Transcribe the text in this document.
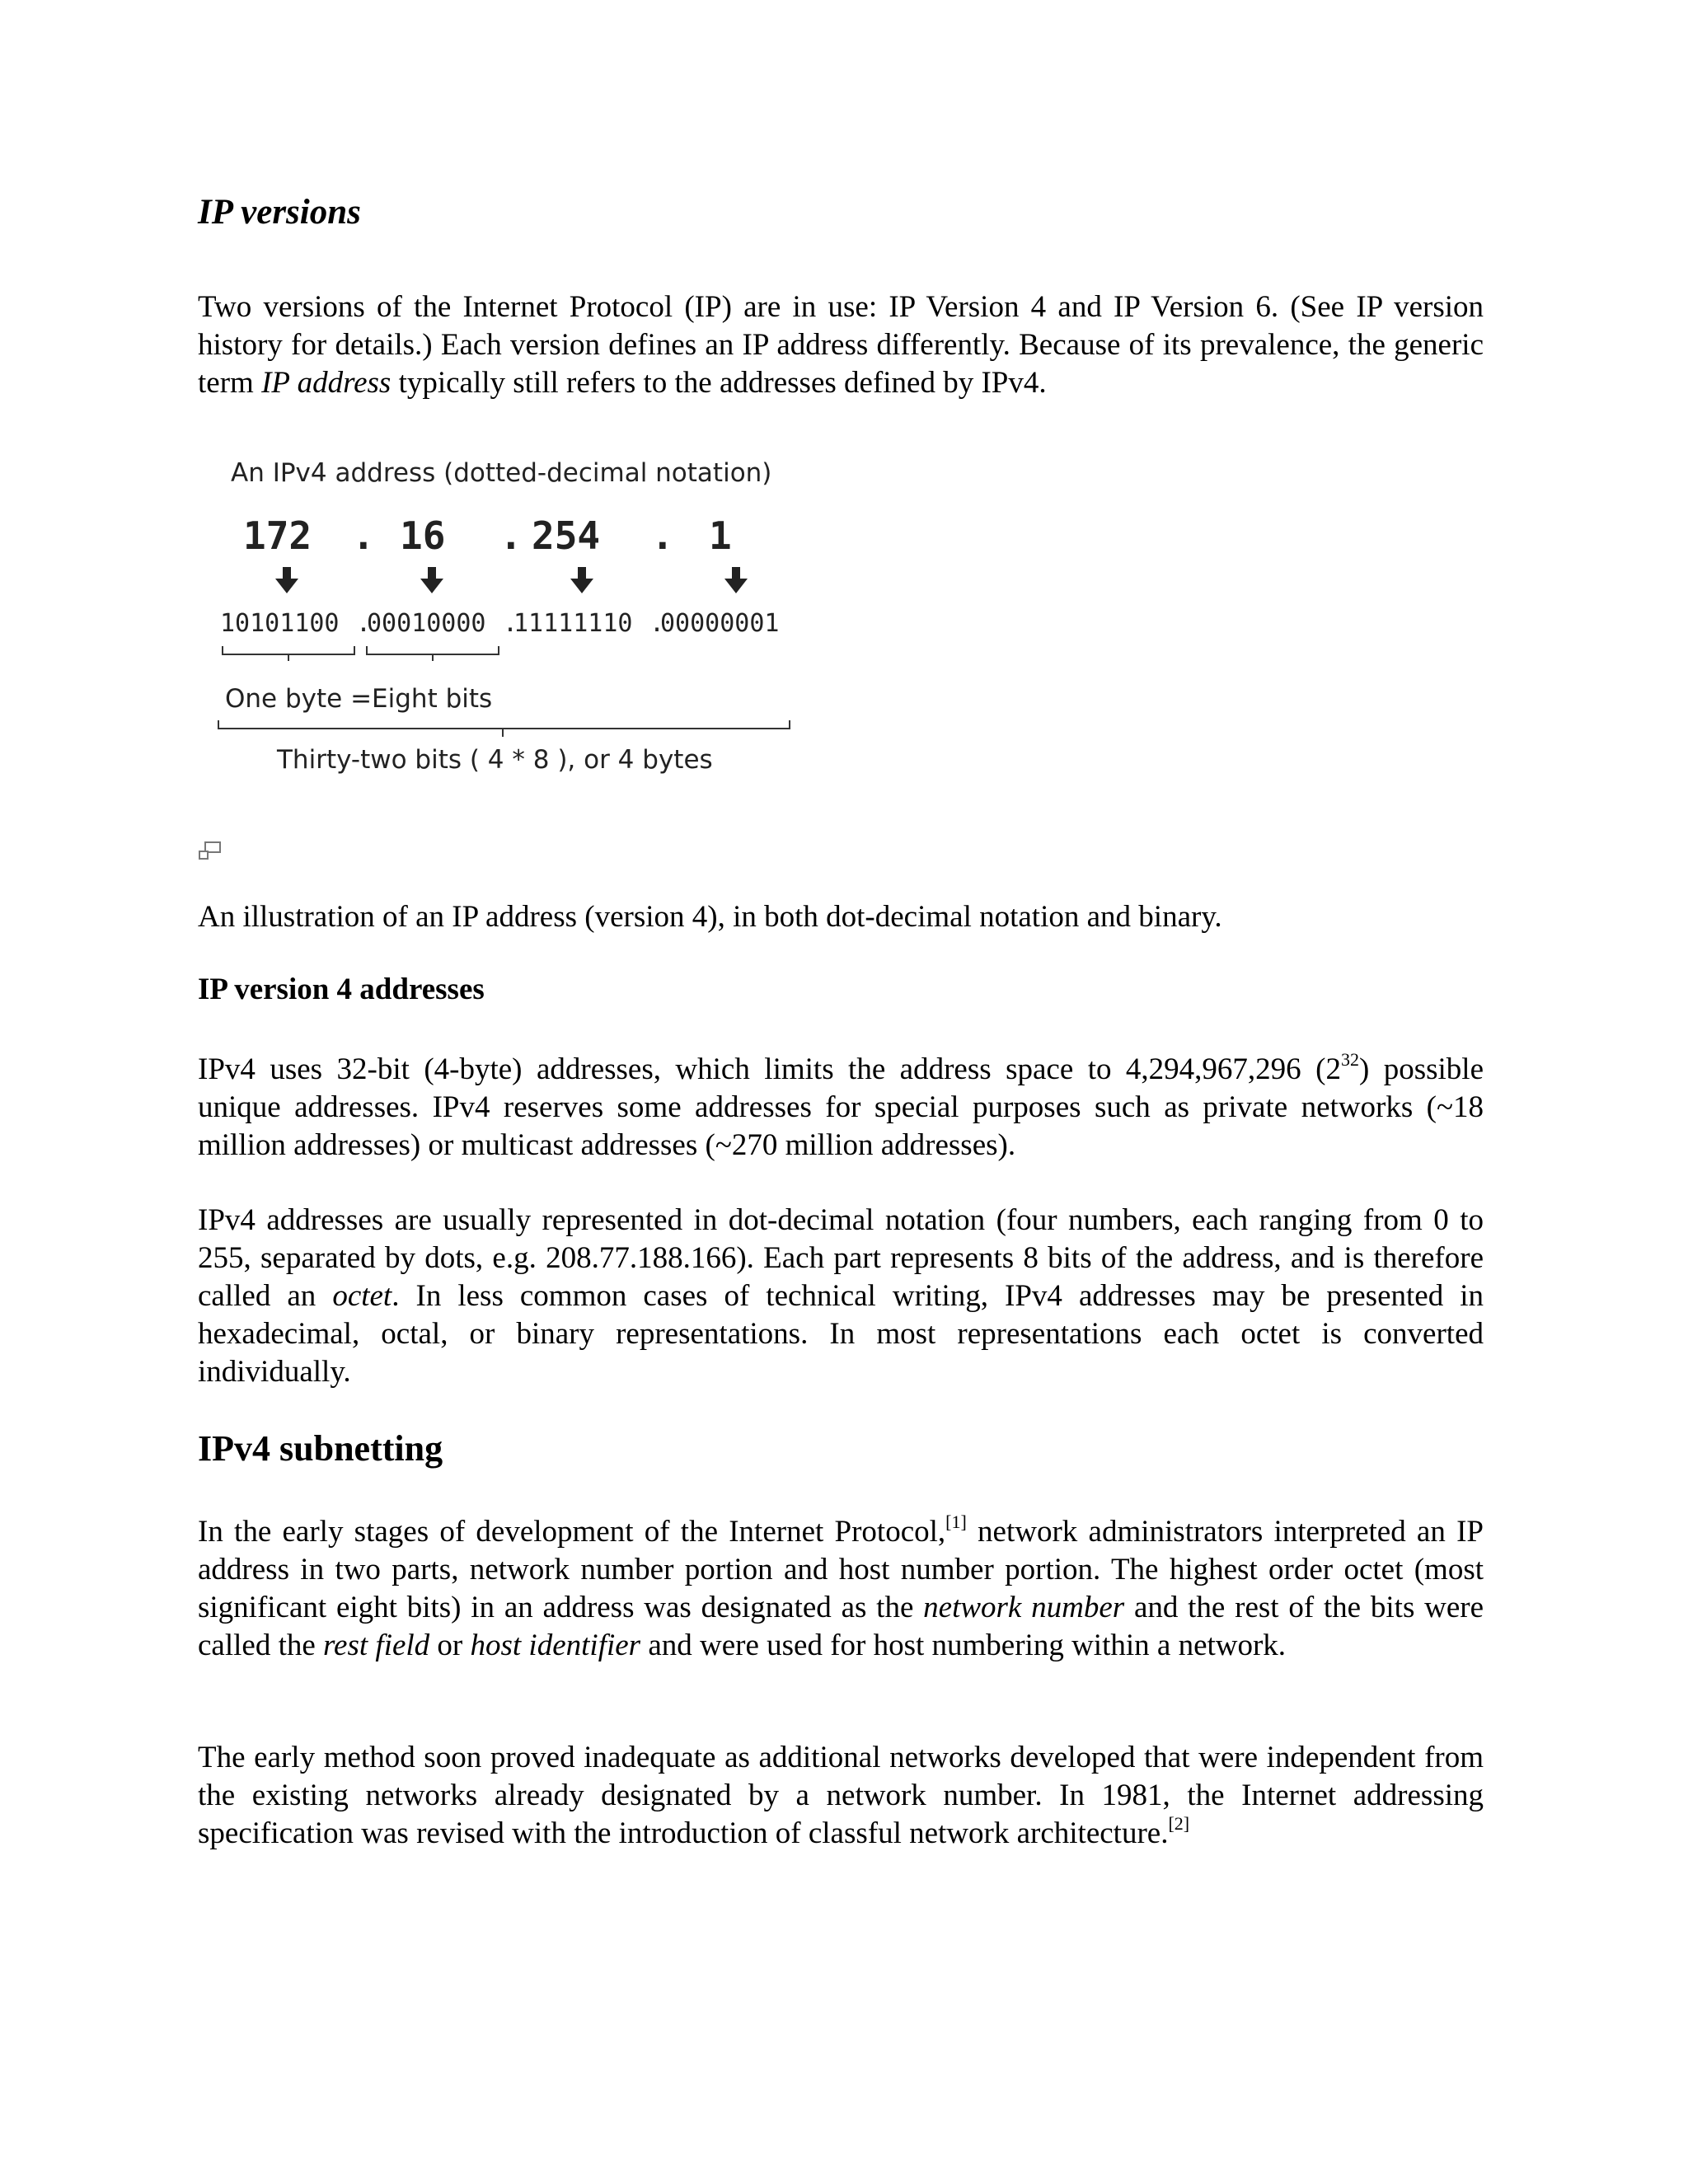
IP versions

Two versions of the Internet Protocol (IP) are in use: IP Version 4 and IP Version 6. (See IP version history for details.) Each version defines an IP address differently. Because of its prevalence, the generic term IP address typically still refers to the addresses defined by IPv4.

An IPv4 address (dotted-decimal notation)
172 . 16 . 254 . 1
10101100 .
00010000 .
11111110 .
00000001
One byte =Eight bits
Thirty-two bits ( 4 * 8 ), or 4 bytes
An illustration of an IP address (version 4), in both dot-decimal notation and binary.
IP version 4 addresses

IPv4 uses 32-bit (4-byte) addresses, which limits the address space to 4,294,967,296 $(2^{32})$ possible unique addresses. IPv4 reserves some addresses for special purposes such as private networks (~18 million addresses) or multicast addresses (~270 million addresses).

IPv4 addresses are usually represented in dot-decimal notation (four numbers, each ranging from 0 to 255, separated by dots, e.g. 208.77.188.166). Each part represents 8 bits of the address, and is therefore called an octet. In less common cases of technical writing, IPv4 addresses may be presented in hexadecimal, octal, or binary representations. In most representations each octet is converted individually.

IPv4 subnetting

In the early stages of development of the Internet Protocol,[1] network administrators interpreted an IP address in two parts, network number portion and host number portion. The highest order octet (most significant eight bits) in an address was designated as the network number and the rest of the bits were called the rest field or host identifier and were used for host numbering within a network.

The early method soon proved inadequate as additional networks developed that were independent from the existing networks already designated by a network number. In 1981, the Internet addressing specification was revised with the introduction of classful network architecture.[2]
